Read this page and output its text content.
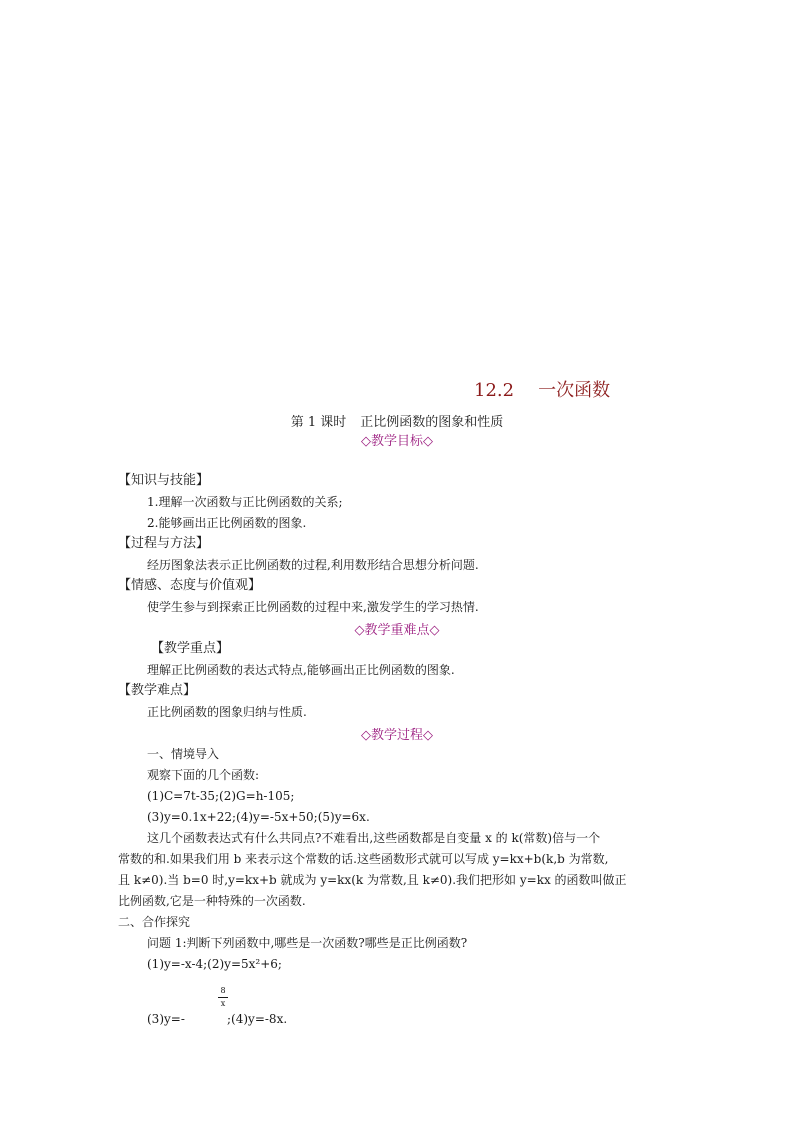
12.2 一次函数
第 1 课时 正比例函数的图象和性质
◇教学目标◇
【知识与技能】
1.理解一次函数与正比例函数的关系;
2.能够画出正比例函数的图象.
【过程与方法】
经历图象法表示正比例函数的过程,利用数形结合思想分析问题.
【情感、态度与价值观】
使学生参与到探索正比例函数的过程中来,激发学生的学习热情.
◇教学重难点◇
【教学重点】
理解正比例函数的表达式特点,能够画出正比例函数的图象.
【教学难点】
正比例函数的图象归纳与性质.
◇教学过程◇
一、情境导入
观察下面的几个函数:
(1)C=7t-35;(2)G=h-105;
(3)y=0.1x+22;(4)y=-5x+50;(5)y=6x.
这几个函数表达式有什么共同点?不难看出,这些函数都是自变量 x 的 k(常数)倍与一个
常数的和.如果我们用 b 来表示这个常数的话.这些函数形式就可以写成 y=kx+b(k,b 为常数,
且 k≠0).当 b=0 时,y=kx+b 就成为 y=kx(k 为常数,且 k≠0).我们把形如 y=kx 的函数叫做正
比例函数,它是一种特殊的一次函数.
二、合作探究
问题 1:判断下列函数中,哪些是一次函数?哪些是正比例函数?
(1)y=-x-4;(2)y=5x²+6;
(3)y=-
8
x
;(4)y=-8x.
